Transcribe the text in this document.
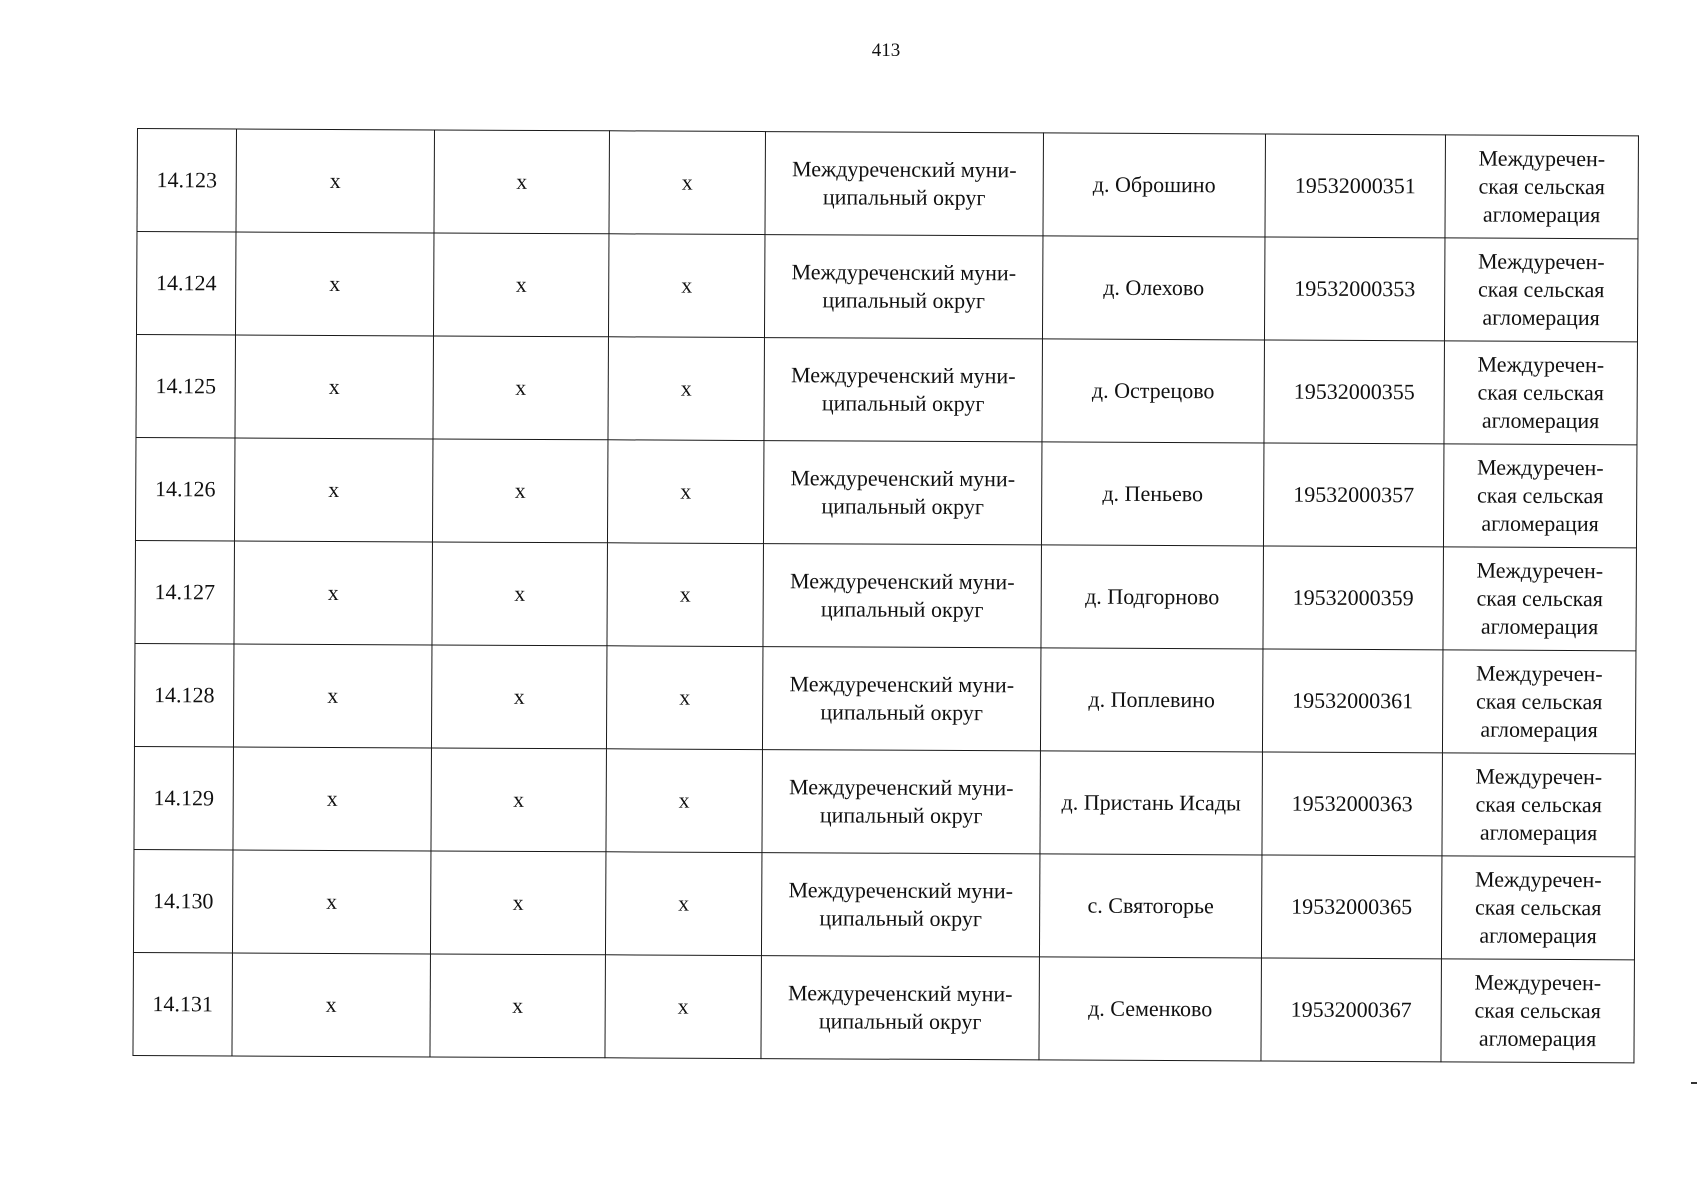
413
14.123	x	x	x	Междуреченский муни-
ципальный округ	д. Оброшино	19532000351	Междуречен-
ская сельская
агломерация
14.124	x	x	x	Междуреченский муни-
ципальный округ	д. Олехово	19532000353	Междуречен-
ская сельская
агломерация
14.125	x	x	x	Междуреченский муни-
ципальный округ	д. Острецово	19532000355	Междуречен-
ская сельская
агломерация
14.126	x	x	x	Междуреченский муни-
ципальный округ	д. Пеньево	19532000357	Междуречен-
ская сельская
агломерация
14.127	x	x	x	Междуреченский муни-
ципальный округ	д. Подгорново	19532000359	Междуречен-
ская сельская
агломерация
14.128	x	x	x	Междуреченский муни-
ципальный округ	д. Поплевино	19532000361	Междуречен-
ская сельская
агломерация
14.129	x	x	x	Междуреченский муни-
ципальный округ	д. Пристань Исады	19532000363	Междуречен-
ская сельская
агломерация
14.130	x	x	x	Междуреченский муни-
ципальный округ	с. Святогорье	19532000365	Междуречен-
ская сельская
агломерация
14.131	x	x	x	Междуреченский муни-
ципальный округ	д. Семенково	19532000367	Междуречен-
ская сельская
агломерация
